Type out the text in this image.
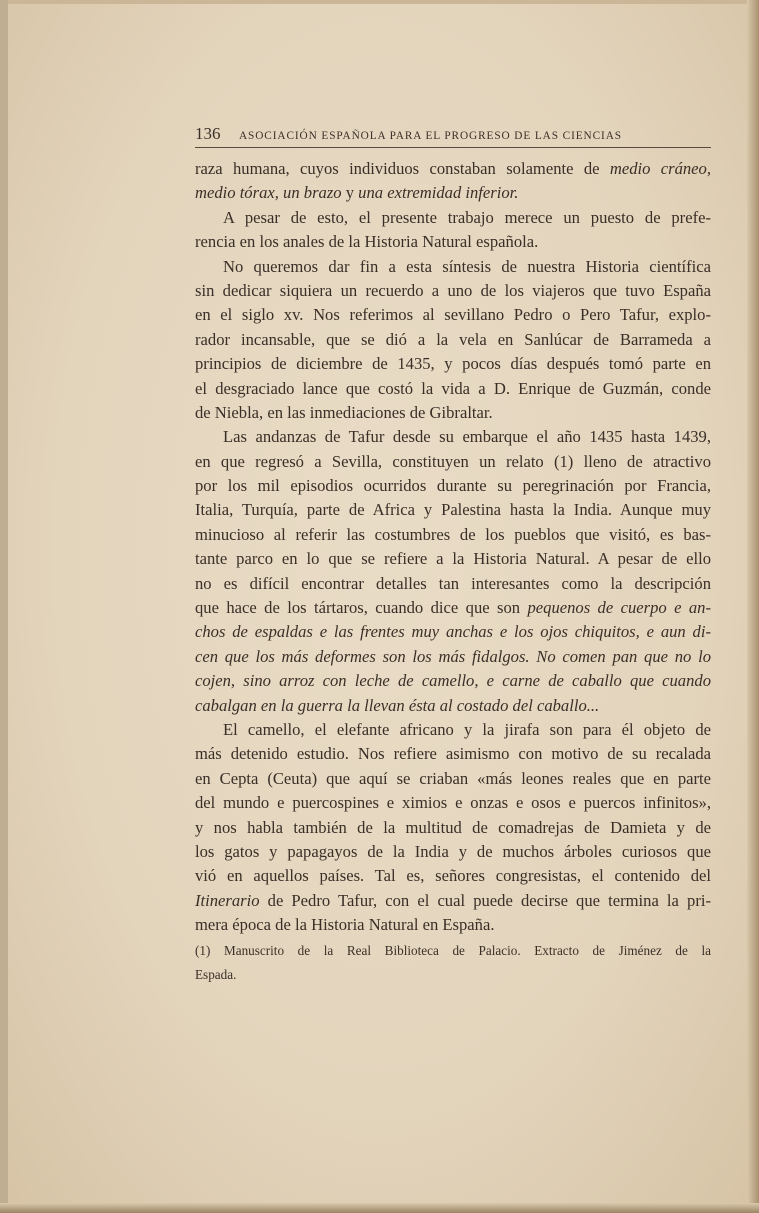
136	ASOCIACIÓN ESPAÑOLA PARA EL PROGRESO DE LAS CIENCIAS
raza humana, cuyos individuos constaban solamente de medio cráneo,
medio tórax, un brazo y una extremidad inferior.
A pesar de esto, el presente trabajo merece un puesto de prefe-
rencia en los anales de la Historia Natural española.
No queremos dar fin a esta síntesis de nuestra Historia científica
sin dedicar siquiera un recuerdo a uno de los viajeros que tuvo España
en el siglo xv. Nos referimos al sevillano Pedro o Pero Tafur, explo-
rador incansable, que se dió a la vela en Sanlúcar de Barrameda a
principios de diciembre de 1435, y pocos días después tomó parte en
el desgraciado lance que costó la vida a D. Enrique de Guzmán, conde
de Niebla, en las inmediaciones de Gibraltar.
Las andanzas de Tafur desde su embarque el año 1435 hasta 1439,
en que regresó a Sevilla, constituyen un relato (1) lleno de atractivo
por los mil episodios ocurridos durante su peregrinación por Francia,
Italia, Turquía, parte de Africa y Palestina hasta la India. Aunque muy
minucioso al referir las costumbres de los pueblos que visitó, es bas-
tante parco en lo que se refiere a la Historia Natural. A pesar de ello
no es difícil encontrar detalles tan interesantes como la descripción
que hace de los tártaros, cuando dice que son pequenos de cuerpo e an-
chos de espaldas e las frentes muy anchas e los ojos chiquitos, e aun di-
cen que los más deformes son los más fidalgos. No comen pan que no lo
cojen, sino arroz con leche de camello, e carne de caballo que cuando
cabalgan en la guerra la llevan ésta al costado del caballo...
El camello, el elefante africano y la jirafa son para él objeto de
más detenido estudio. Nos refiere asimismo con motivo de su recalada
en Cepta (Ceuta) que aquí se criaban «más leones reales que en parte
del mundo e puercospines e ximios e onzas e osos e puercos infinitos»,
y nos habla también de la multitud de comadrejas de Damieta y de
los gatos y papagayos de la India y de muchos árboles curiosos que
vió en aquellos países. Tal es, señores congresistas, el contenido del
Itinerario de Pedro Tafur, con el cual puede decirse que termina la pri-
mera época de la Historia Natural en España.
(1) Manuscrito de la Real Biblioteca de Palacio. Extracto de Jiménez de la
Espada.
